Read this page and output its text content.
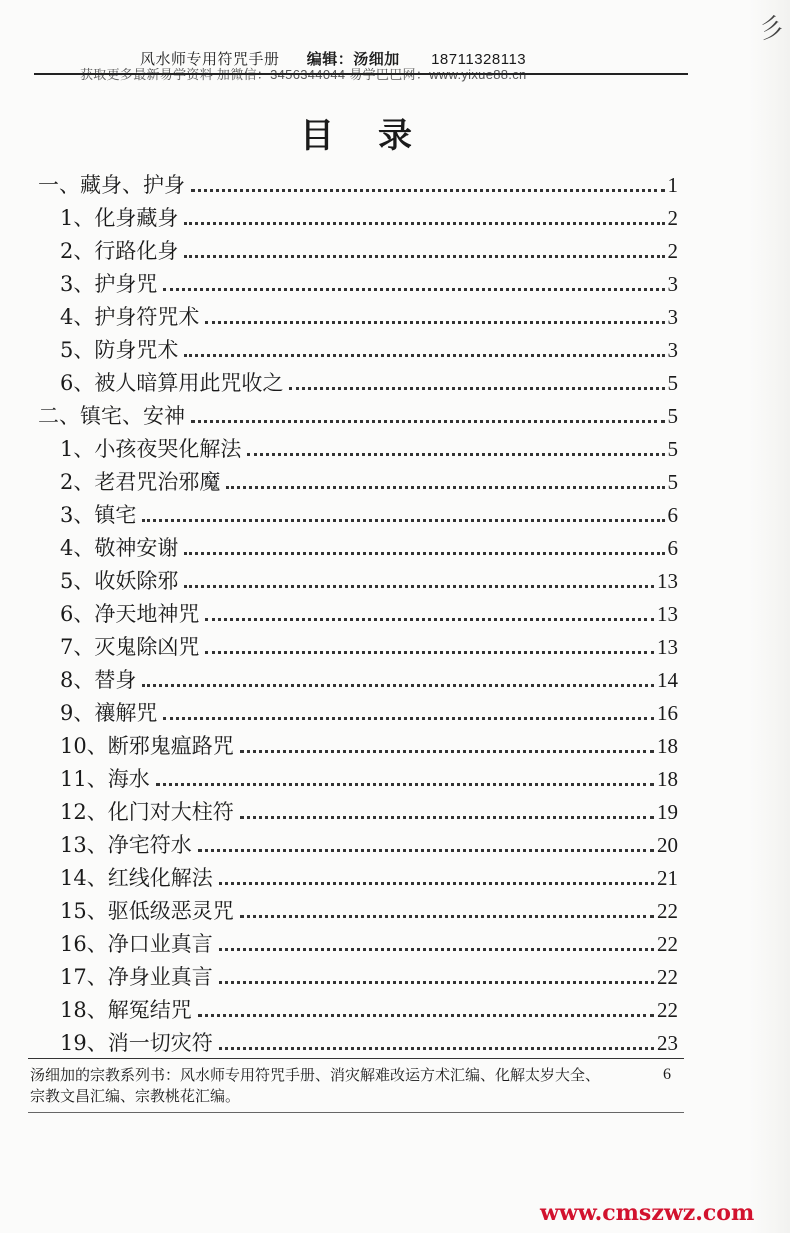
风水师专用符咒手册 编辑：汤细加 18711328113
目录
一、藏身、护身	1
1、化身藏身	2
2、行路化身	2
3、护身咒	3
4、护身符咒术	3
5、防身咒术	3
6、被人暗算用此咒收之	5
二、镇宅、安神	5
1、小孩夜哭化解法	5
2、老君咒治邪魔	5
3、镇宅	6
4、敬神安谢	6
5、收妖除邪	13
6、净天地神咒	13
7、灭鬼除凶咒	13
8、替身	14
9、禳解咒	16
10、断邪鬼瘟路咒	18
11、海水	18
12、化门对大柱符	19
13、净宅符水	20
14、红线化解法	21
15、驱低级恶灵咒	22
16、净口业真言	22
17、净身业真言	22
18、解冤结咒	22
19、消一切灾符	23
汤细加的宗教系列书：风水师专用符咒手册、消灾解难改运方术汇编、化解太岁大全、宗教文昌汇编、宗教桃花汇编。
6
彡
www.cmszwz.com
